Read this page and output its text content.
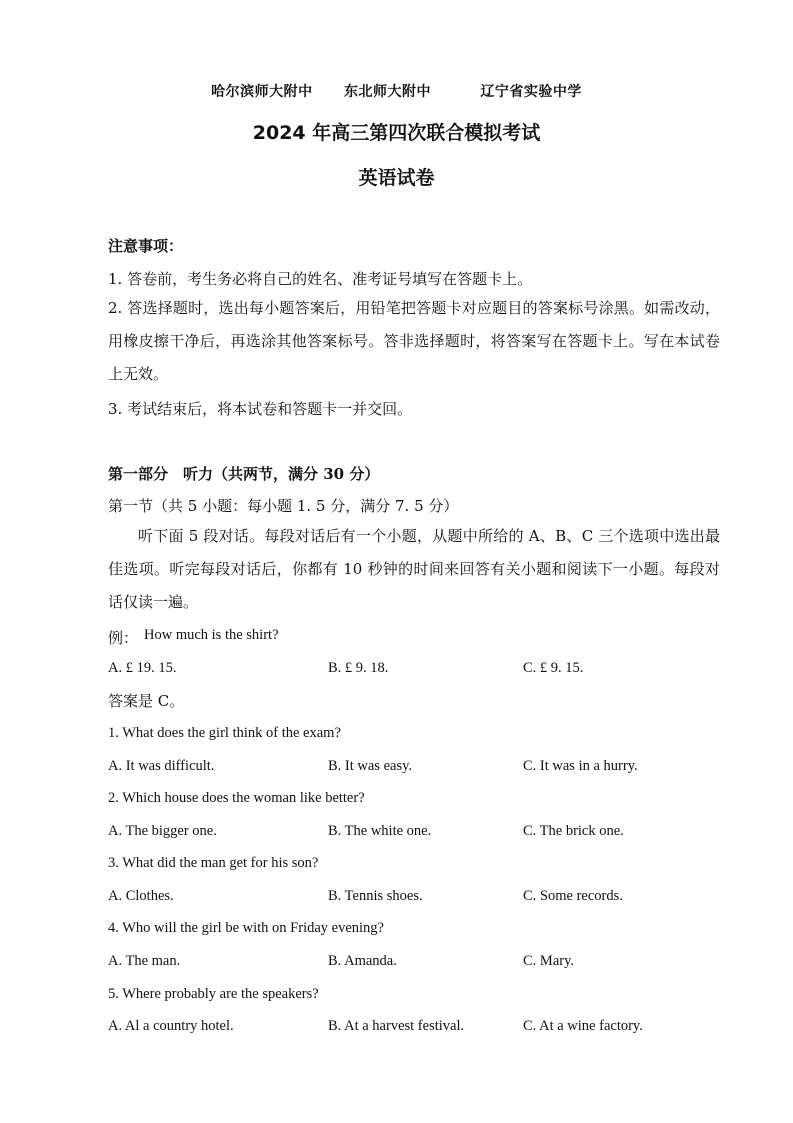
哈尔滨师大附中 东北师大附中	辽宁省实验中学
2024 年高三第四次联合模拟考试
英语试卷
注意事项：
1. 答卷前，考生务必将自己的姓名、准考证号填写在答题卡上。
2. 答选择题时，选出每小题答案后，用铅笔把答题卡对应题目的答案标号涂黑。如需改动，用橡皮擦干净后，再选涂其他答案标号。答非选择题时，将答案写在答题卡上。写在本试卷上无效。
3. 考试结束后，将本试卷和答题卡一并交回。
第一部分　听力（共两节，满分 30 分）
第一节（共 5 小题：每小题 1. 5 分，满分 7. 5 分）
听下面 5 段对话。每段对话后有一个小题，从题中所给的 A、B、C 三个选项中选出最佳选项。听完每段对话后，你都有 10 秒钟的时间来回答有关小题和阅读下一小题。每段对话仅读一遍。
例： How much is the shirt?
A. £ 19. 15.	B. £ 9. 18.	C. £ 9. 15.
答案是 C。
1. What does the girl think of the exam?
A. It was difficult.	B. It was easy.	C. It was in a hurry.
2. Which house does the woman like better?
A. The bigger one.	B. The white one.	C. The brick one.
3. What did the man get for his son?
A. Clothes.	B. Tennis shoes.	C. Some records.
4. Who will the girl be with on Friday evening?
A. The man.	B. Amanda.	C. Mary.
5. Where probably are the speakers?
A. Al a country hotel.	B. At a harvest festival.	C. At a wine factory.
